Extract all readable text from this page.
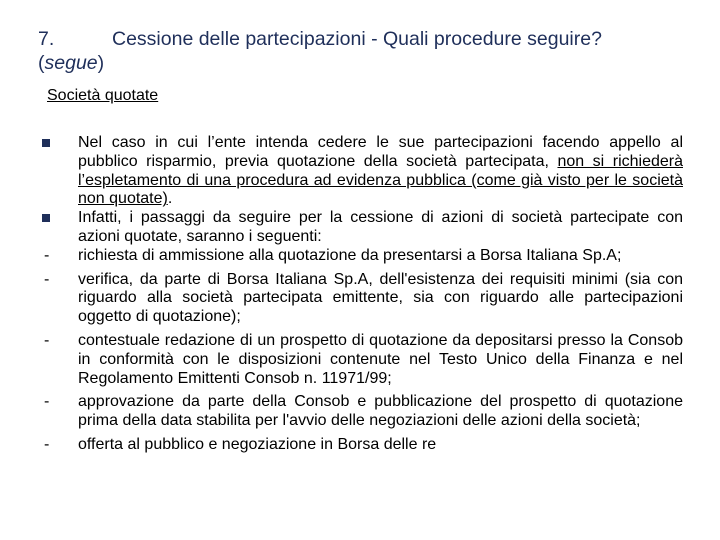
7.	Cessione delle partecipazioni - Quali procedure seguire?
(segue)
Società quotate
Nel caso in cui l’ente intenda cedere le sue partecipazioni facendo appello al pubblico risparmio, previa quotazione della società partecipata, non si richiederà l’espletamento di una procedura ad evidenza pubblica (come già visto per le società non quotate).
Infatti, i passaggi da seguire per la cessione di azioni di società partecipate con azioni quotate, saranno i seguenti:
- richiesta di ammissione alla quotazione da presentarsi a Borsa Italiana Sp.A;
- verifica, da parte di Borsa Italiana Sp.A, dell'esistenza dei requisiti minimi (sia con riguardo alla società partecipata emittente, sia con riguardo alle partecipazioni oggetto di quotazione);
- contestuale redazione di un prospetto di quotazione da depositarsi presso la Consob in conformità con le disposizioni contenute nel Testo Unico della Finanza e nel Regolamento Emittenti Consob n. 11971/99;
- approvazione da parte della Consob e pubblicazione del prospetto di quotazione prima della data stabilita per l'avvio delle negoziazioni delle azioni della società;
- offerta al pubblico e negoziazione in Borsa delle re
